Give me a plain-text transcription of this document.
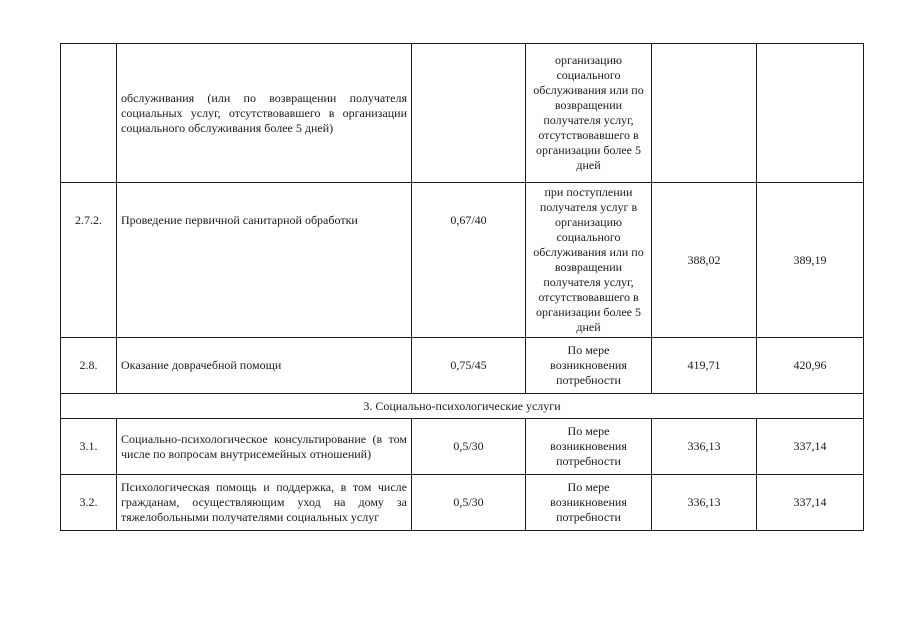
	обслуживания (или по возвращении получателя социальных услуг, отсутствовавшего в организации социального обслуживания более 5 дней)		организацию социального обслуживания или по возвращении получателя услуг, отсутствовавшего в организации более 5 дней		
2.7.2.	Проведение первичной санитарной обработки	0,67/40	при поступлении получателя услуг в организацию социального обслуживания или по возвращении получателя услуг, отсутствовавшего в организации более 5 дней	388,02	389,19
2.8.	Оказание доврачебной помощи	0,75/45	По мере возникновения потребности	419,71	420,96
3. Социально-психологические услуги					
3.1.	Социально-психологическое консультирование (в том числе по вопросам внутрисемейных отношений)	0,5/30	По мере возникновения потребности	336,13	337,14
3.2.	Психологическая помощь и поддержка, в том числе гражданам, осуществляющим уход на дому за тяжелобольными получателями социальных услуг	0,5/30	По мере возникновения потребности	336,13	337,14
